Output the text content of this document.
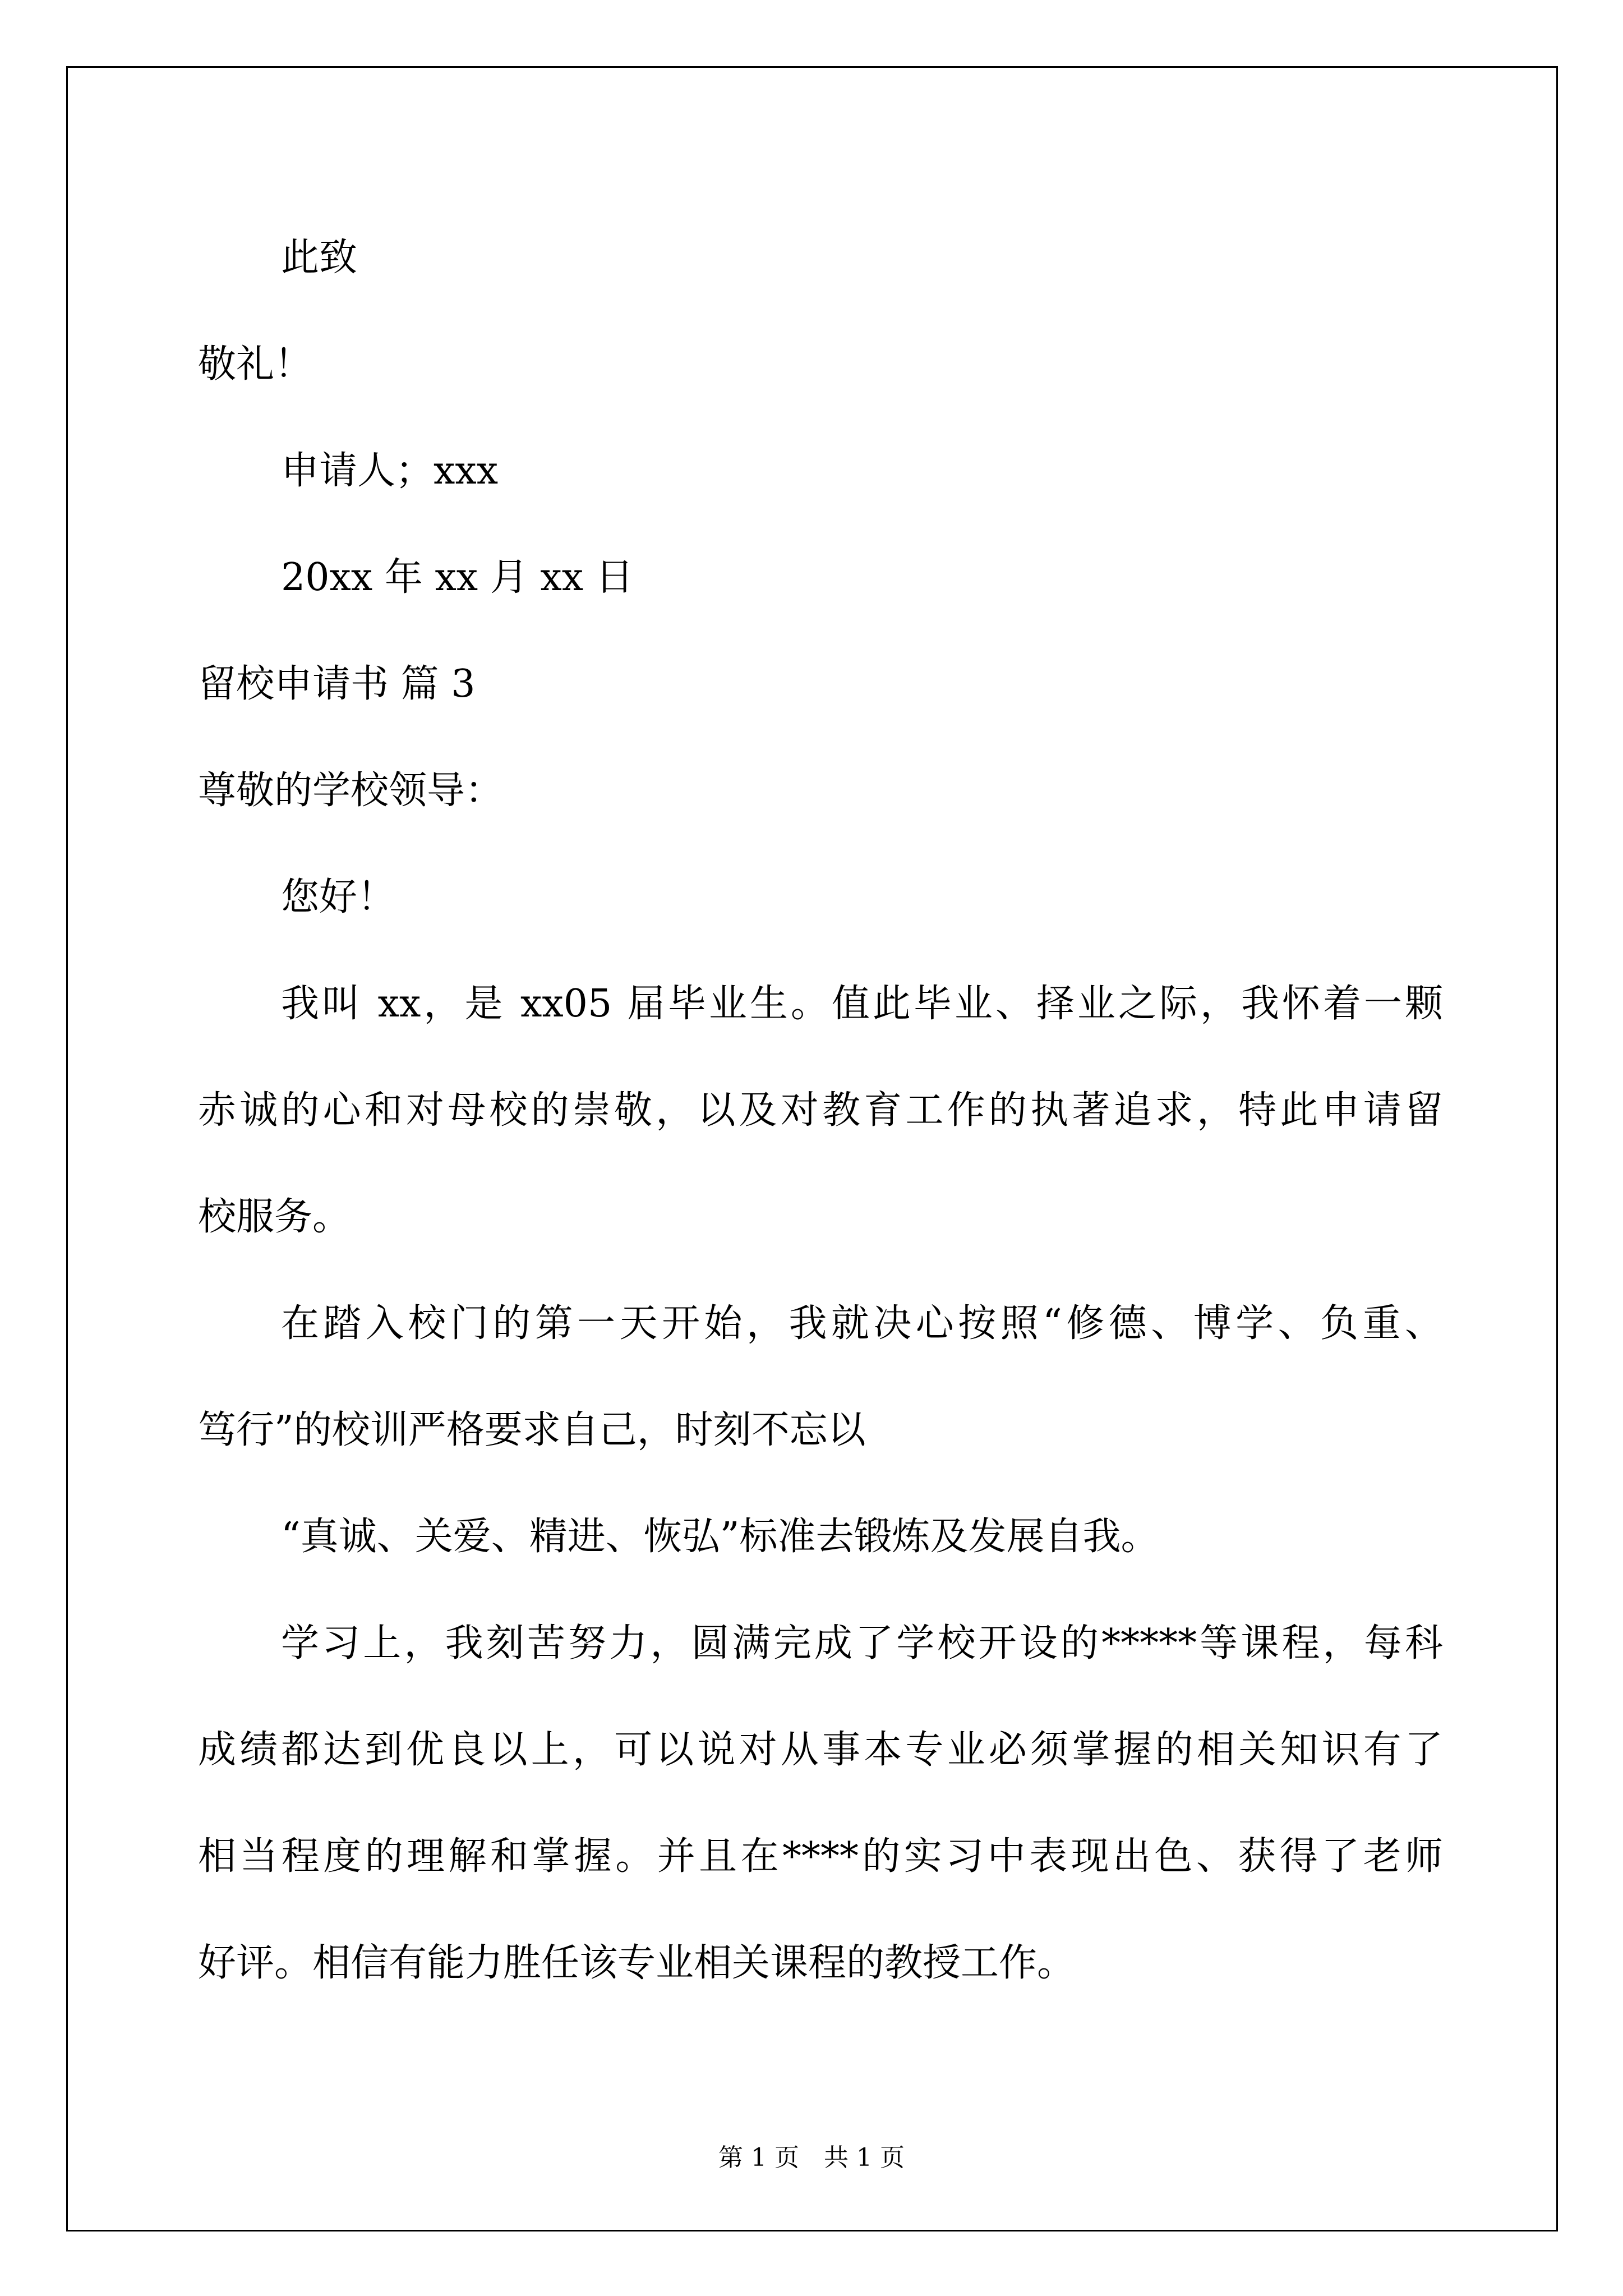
此致
敬礼！
申请人；xxx
20xx 年 xx 月 xx 日
留校申请书 篇 3
尊敬的学校领导：
您好！
我叫 xx，是 xx05 届毕业生。值此毕业、择业之际，我怀着一颗
赤诚的心和对母校的崇敬，以及对教育工作的执著追求，特此申请留
校服务。
在踏入校门的第一天开始，我就决心按照“修德、博学、负重、
笃行”的校训严格要求自己，时刻不忘以
“真诚、关爱、精进、恢弘”标准去锻炼及发展自我。
学习上，我刻苦努力，圆满完成了学校开设的*****等课程，每科
成绩都达到优良以上，可以说对从事本专业必须掌握的相关知识有了
相当程度的理解和掌握。并且在****的实习中表现出色、获得了老师
好评。相信有能力胜任该专业相关课程的教授工作。
第 1 页 共 1 页
